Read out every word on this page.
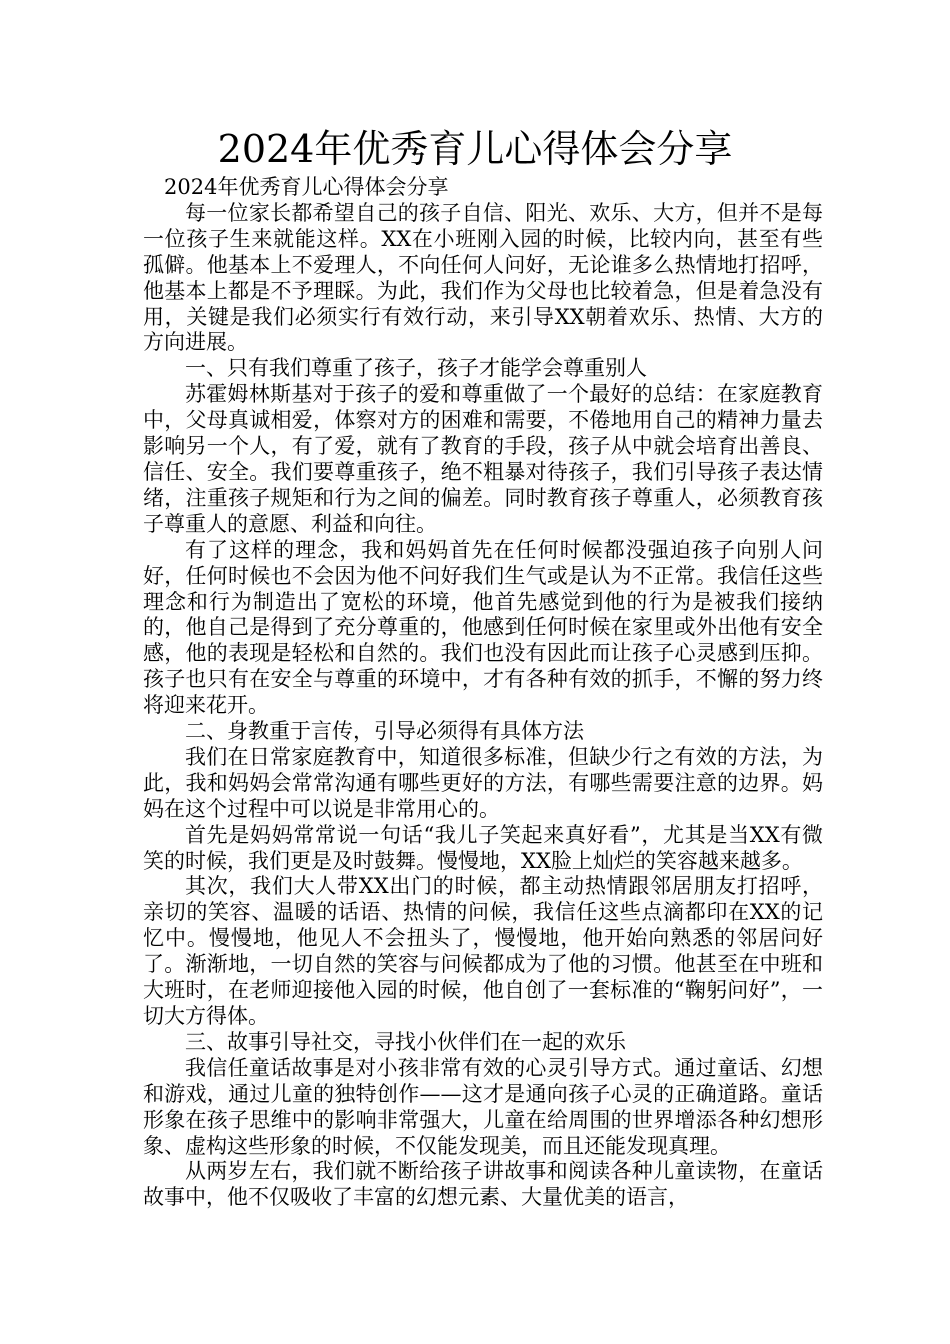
2024年优秀育儿心得体会分享

2024年优秀育儿心得体会分享

每一位家长都希望自己的孩子自信、阳光、欢乐、大方，但并不是每一位孩子生来就能这样。XX在小班刚入园的时候，比较内向，甚至有些孤僻。他基本上不爱理人，不向任何人问好，无论谁多么热情地打招呼，他基本上都是不予理睬。为此，我们作为父母也比较着急，但是着急没有用，关键是我们必须实行有效行动，来引导XX朝着欢乐、热情、大方的方向进展。

一、只有我们尊重了孩子，孩子才能学会尊重别人

苏霍姆林斯基对于孩子的爱和尊重做了一个最好的总结：在家庭教育中，父母真诚相爱，体察对方的困难和需要，不倦地用自己的精神力量去影响另一个人，有了爱，就有了教育的手段，孩子从中就会培育出善良、信任、安全。我们要尊重孩子，绝不粗暴对待孩子，我们引导孩子表达情绪，注重孩子规矩和行为之间的偏差。同时教育孩子尊重人，必须教育孩子尊重人的意愿、利益和向往。

有了这样的理念，我和妈妈首先在任何时候都没强迫孩子向别人问好，任何时候也不会因为他不问好我们生气或是认为不正常。我信任这些理念和行为制造出了宽松的环境，他首先感觉到他的行为是被我们接纳的，他自己是得到了充分尊重的，他感到任何时候在家里或外出他有安全感，他的表现是轻松和自然的。我们也没有因此而让孩子心灵感到压抑。孩子也只有在安全与尊重的环境中，才有各种有效的抓手，不懈的努力终将迎来花开。

二、身教重于言传，引导必须得有具体方法

我们在日常家庭教育中，知道很多标准，但缺少行之有效的方法，为此，我和妈妈会常常沟通有哪些更好的方法，有哪些需要注意的边界。妈妈在这个过程中可以说是非常用心的。

首先是妈妈常常说一句话“我儿子笑起来真好看”，尤其是当XX有微笑的时候，我们更是及时鼓舞。慢慢地，XX脸上灿烂的笑容越来越多。

其次，我们大人带XX出门的时候，都主动热情跟邻居朋友打招呼，亲切的笑容、温暖的话语、热情的问候，我信任这些点滴都印在XX的记忆中。慢慢地，他见人不会扭头了，慢慢地，他开始向熟悉的邻居问好了。渐渐地，一切自然的笑容与问候都成为了他的习惯。他甚至在中班和大班时，在老师迎接他入园的时候，他自创了一套标准的“鞠躬问好”，一切大方得体。

三、故事引导社交，寻找小伙伴们在一起的欢乐

我信任童话故事是对小孩非常有效的心灵引导方式。通过童话、幻想和游戏，通过儿童的独特创作——这才是通向孩子心灵的正确道路。童话形象在孩子思维中的影响非常强大，儿童在给周围的世界增添各种幻想形象、虚构这些形象的时候，不仅能发现美，而且还能发现真理。

从两岁左右，我们就不断给孩子讲故事和阅读各种儿童读物，在童话故事中，他不仅吸收了丰富的幻想元素、大量优美的语言，
